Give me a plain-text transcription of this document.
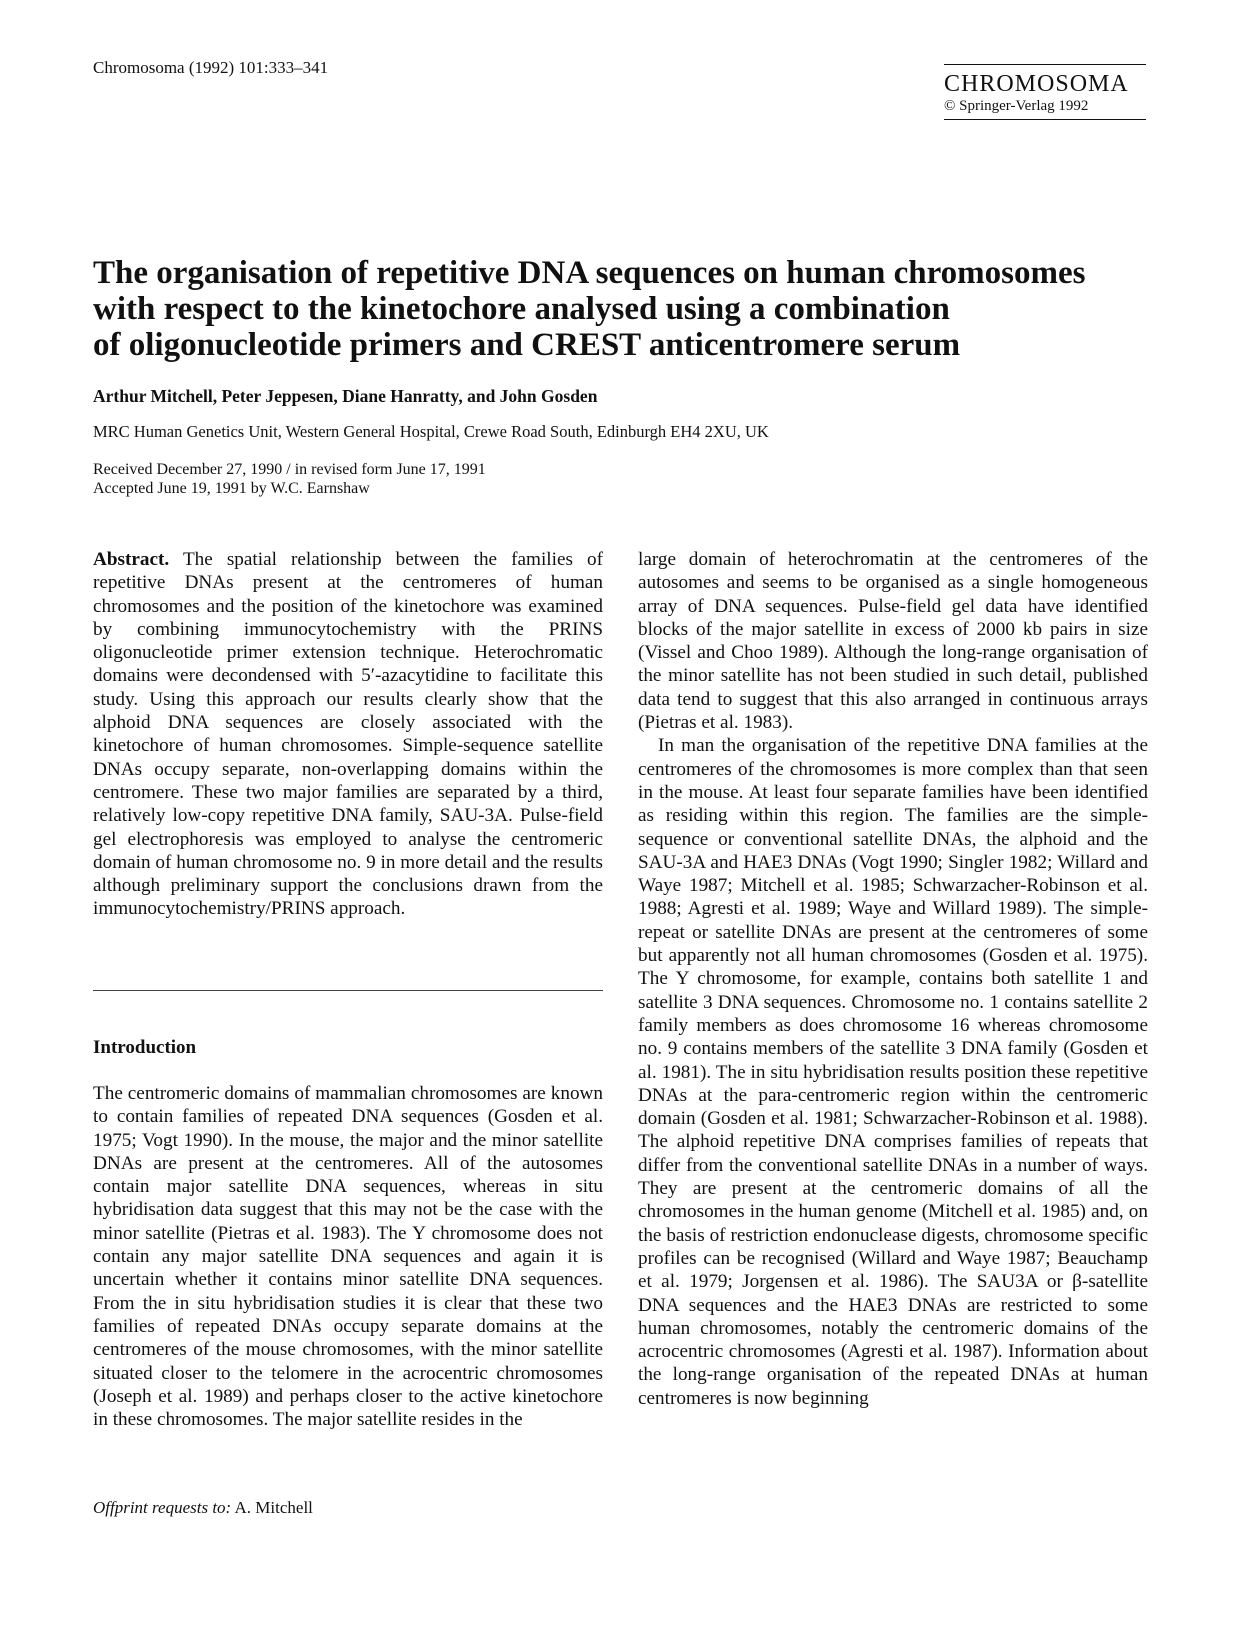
Chromosoma (1992) 101:333–341
CHROMOSOMA
© Springer-Verlag 1992
The organisation of repetitive DNA sequences on human chromosomes
with respect to the kinetochore analysed using a combination
of oligonucleotide primers and CREST anticentromere serum
Arthur Mitchell, Peter Jeppesen, Diane Hanratty, and John Gosden
MRC Human Genetics Unit, Western General Hospital, Crewe Road South, Edinburgh EH4 2XU, UK
Received December 27, 1990 / in revised form June 17, 1991
Accepted June 19, 1991 by W.C. Earnshaw

Abstract. The spatial relationship between the families of repetitive DNAs present at the centromeres of human chromosomes and the position of the kinetochore was examined by combining immunocytochemistry with the PRINS oligonucleotide primer extension technique. Heterochromatic domains were decondensed with 5′-azacytidine to facilitate this study. Using this approach our results clearly show that the alphoid DNA sequences are closely associated with the kinetochore of human chromosomes. Simple-sequence satellite DNAs occupy separate, non-overlapping domains within the centromere. These two major families are separated by a third, relatively low-copy repetitive DNA family, SAU-3A. Pulse-field gel electrophoresis was employed to analyse the centromeric domain of human chromosome no. 9 in more detail and the results although preliminary support the conclusions drawn from the immunocytochemistry/PRINS approach.

Introduction
The centromeric domains of mammalian chromosomes are known to contain families of repeated DNA sequences (Gosden et al. 1975; Vogt 1990). In the mouse, the major and the minor satellite DNAs are present at the centromeres. All of the autosomes contain major satellite DNA sequences, whereas in situ hybridisation data suggest that this may not be the case with the minor satellite (Pietras et al. 1983). The Y chromosome does not contain any major satellite DNA sequences and again it is uncertain whether it contains minor satellite DNA sequences. From the in situ hybridisation studies it is clear that these two families of repeated DNAs occupy separate domains at the centromeres of the mouse chromosomes, with the minor satellite situated closer to the telomere in the acrocentric chromosomes (Joseph et al. 1989) and perhaps closer to the active kinetochore in these chromosomes. The major satellite resides in the

large domain of heterochromatin at the centromeres of the autosomes and seems to be organised as a single homogeneous array of DNA sequences. Pulse-field gel data have identified blocks of the major satellite in excess of 2000 kb pairs in size (Vissel and Choo 1989). Although the long-range organisation of the minor satellite has not been studied in such detail, published data tend to suggest that this also arranged in continuous arrays (Pietras et al. 1983).

In man the organisation of the repetitive DNA families at the centromeres of the chromosomes is more complex than that seen in the mouse. At least four separate families have been identified as residing within this region. The families are the simple-sequence or conventional satellite DNAs, the alphoid and the SAU-3A and HAE3 DNAs (Vogt 1990; Singler 1982; Willard and Waye 1987; Mitchell et al. 1985; Schwarzacher-Robinson et al. 1988; Agresti et al. 1989; Waye and Willard 1989). The simple-repeat or satellite DNAs are present at the centromeres of some but apparently not all human chromosomes (Gosden et al. 1975). The Y chromosome, for example, contains both satellite 1 and satellite 3 DNA sequences. Chromosome no. 1 contains satellite 2 family members as does chromosome 16 whereas chromosome no. 9 contains members of the satellite 3 DNA family (Gosden et al. 1981). The in situ hybridisation results position these repetitive DNAs at the para-centromeric region within the centromeric domain (Gosden et al. 1981; Schwarzacher-Robinson et al. 1988). The alphoid repetitive DNA comprises families of repeats that differ from the conventional satellite DNAs in a number of ways. They are present at the centromeric domains of all the chromosomes in the human genome (Mitchell et al. 1985) and, on the basis of restriction endonuclease digests, chromosome specific profiles can be recognised (Willard and Waye 1987; Beauchamp et al. 1979; Jorgensen et al. 1986). The SAU3A or β-satellite DNA sequences and the HAE3 DNAs are restricted to some human chromosomes, notably the centromeric domains of the acrocentric chromosomes (Agresti et al. 1987). Information about the long-range organisation of the repeated DNAs at human centromeres is now beginning

Offprint requests to: A. Mitchell
